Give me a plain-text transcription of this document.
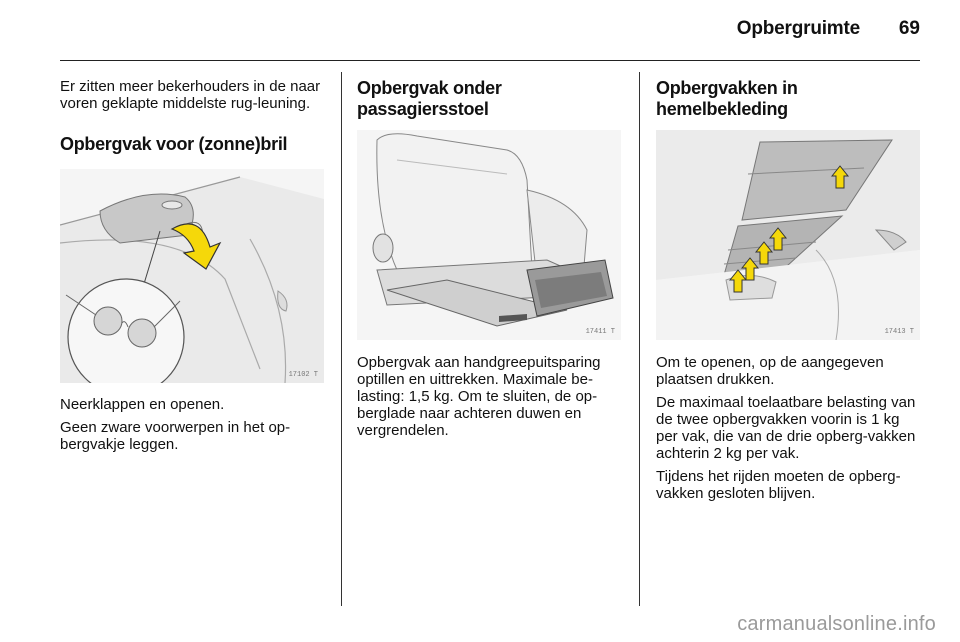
Opbergruimte	69

Er zitten meer bekerhouders in de naar voren geklapte middelste rug-leuning.

Opbergvak voor (zonne)bril
17102 T

Neerklappen en openen.

Geen zware voorwerpen in het op-bergvakje leggen.

Opbergvak onder passagiersstoel
17411 T

Opbergvak aan handgreepuitsparing optillen en uittrekken. Maximale be-lasting: 1,5 kg. Om te sluiten, de op-berglade naar achteren duwen en vergrendelen.

Opbergvakken in hemelbekleding
17413 T

Om te openen, op de aangegeven plaatsen drukken.

De maximaal toelaatbare belasting van de twee opbergvakken voorin is 1 kg per vak, die van de drie opberg-vakken achterin 2 kg per vak.

Tijdens het rijden moeten de opberg-vakken gesloten blijven.

carmanualsonline.info
